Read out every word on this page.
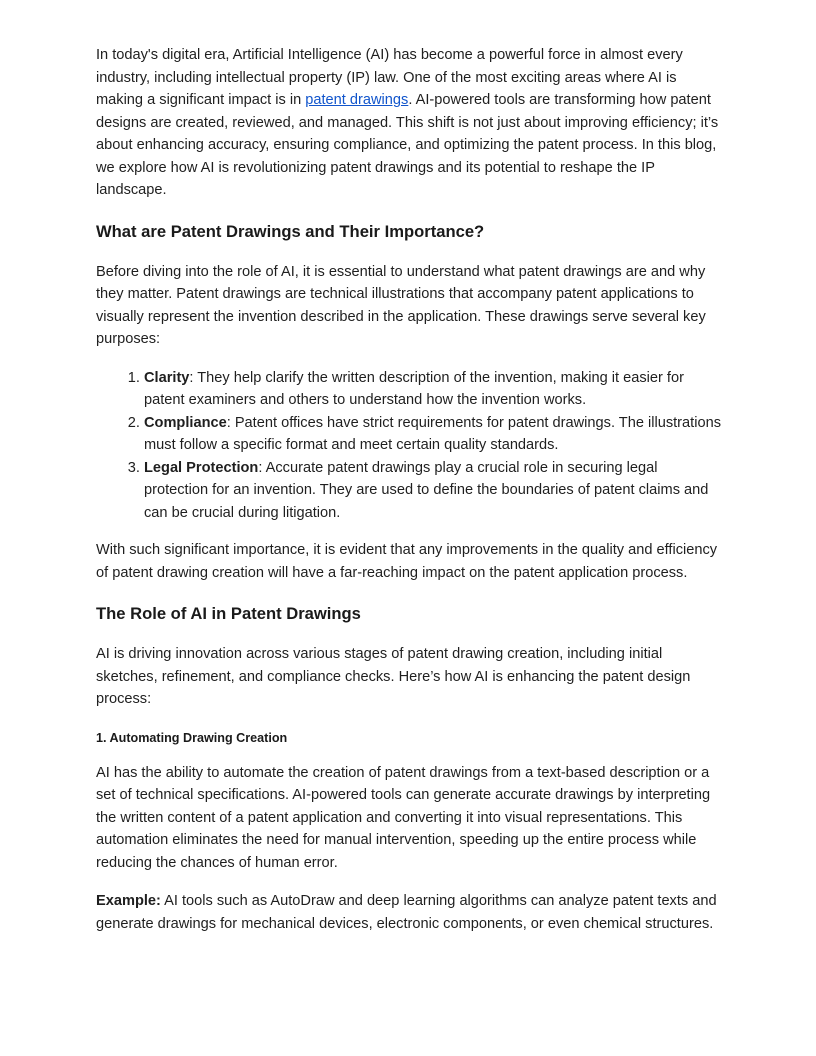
In today's digital era, Artificial Intelligence (AI) has become a powerful force in almost every industry, including intellectual property (IP) law. One of the most exciting areas where AI is making a significant impact is in patent drawings. AI-powered tools are transforming how patent designs are created, reviewed, and managed. This shift is not just about improving efficiency; it’s about enhancing accuracy, ensuring compliance, and optimizing the patent process. In this blog, we explore how AI is revolutionizing patent drawings and its potential to reshape the IP landscape.

What are Patent Drawings and Their Importance?

Before diving into the role of AI, it is essential to understand what patent drawings are and why they matter. Patent drawings are technical illustrations that accompany patent applications to visually represent the invention described in the application. These drawings serve several key purposes:

1. Clarity: They help clarify the written description of the invention, making it easier for patent examiners and others to understand how the invention works.
2. Compliance: Patent offices have strict requirements for patent drawings. The illustrations must follow a specific format and meet certain quality standards.
3. Legal Protection: Accurate patent drawings play a crucial role in securing legal protection for an invention. They are used to define the boundaries of patent claims and can be crucial during litigation.

With such significant importance, it is evident that any improvements in the quality and efficiency of patent drawing creation will have a far-reaching impact on the patent application process.

The Role of AI in Patent Drawings

AI is driving innovation across various stages of patent drawing creation, including initial sketches, refinement, and compliance checks. Here’s how AI is enhancing the patent design process:

1. Automating Drawing Creation

AI has the ability to automate the creation of patent drawings from a text-based description or a set of technical specifications. AI-powered tools can generate accurate drawings by interpreting the written content of a patent application and converting it into visual representations. This automation eliminates the need for manual intervention, speeding up the entire process while reducing the chances of human error.

Example: AI tools such as AutoDraw and deep learning algorithms can analyze patent texts and generate drawings for mechanical devices, electronic components, or even chemical structures.
